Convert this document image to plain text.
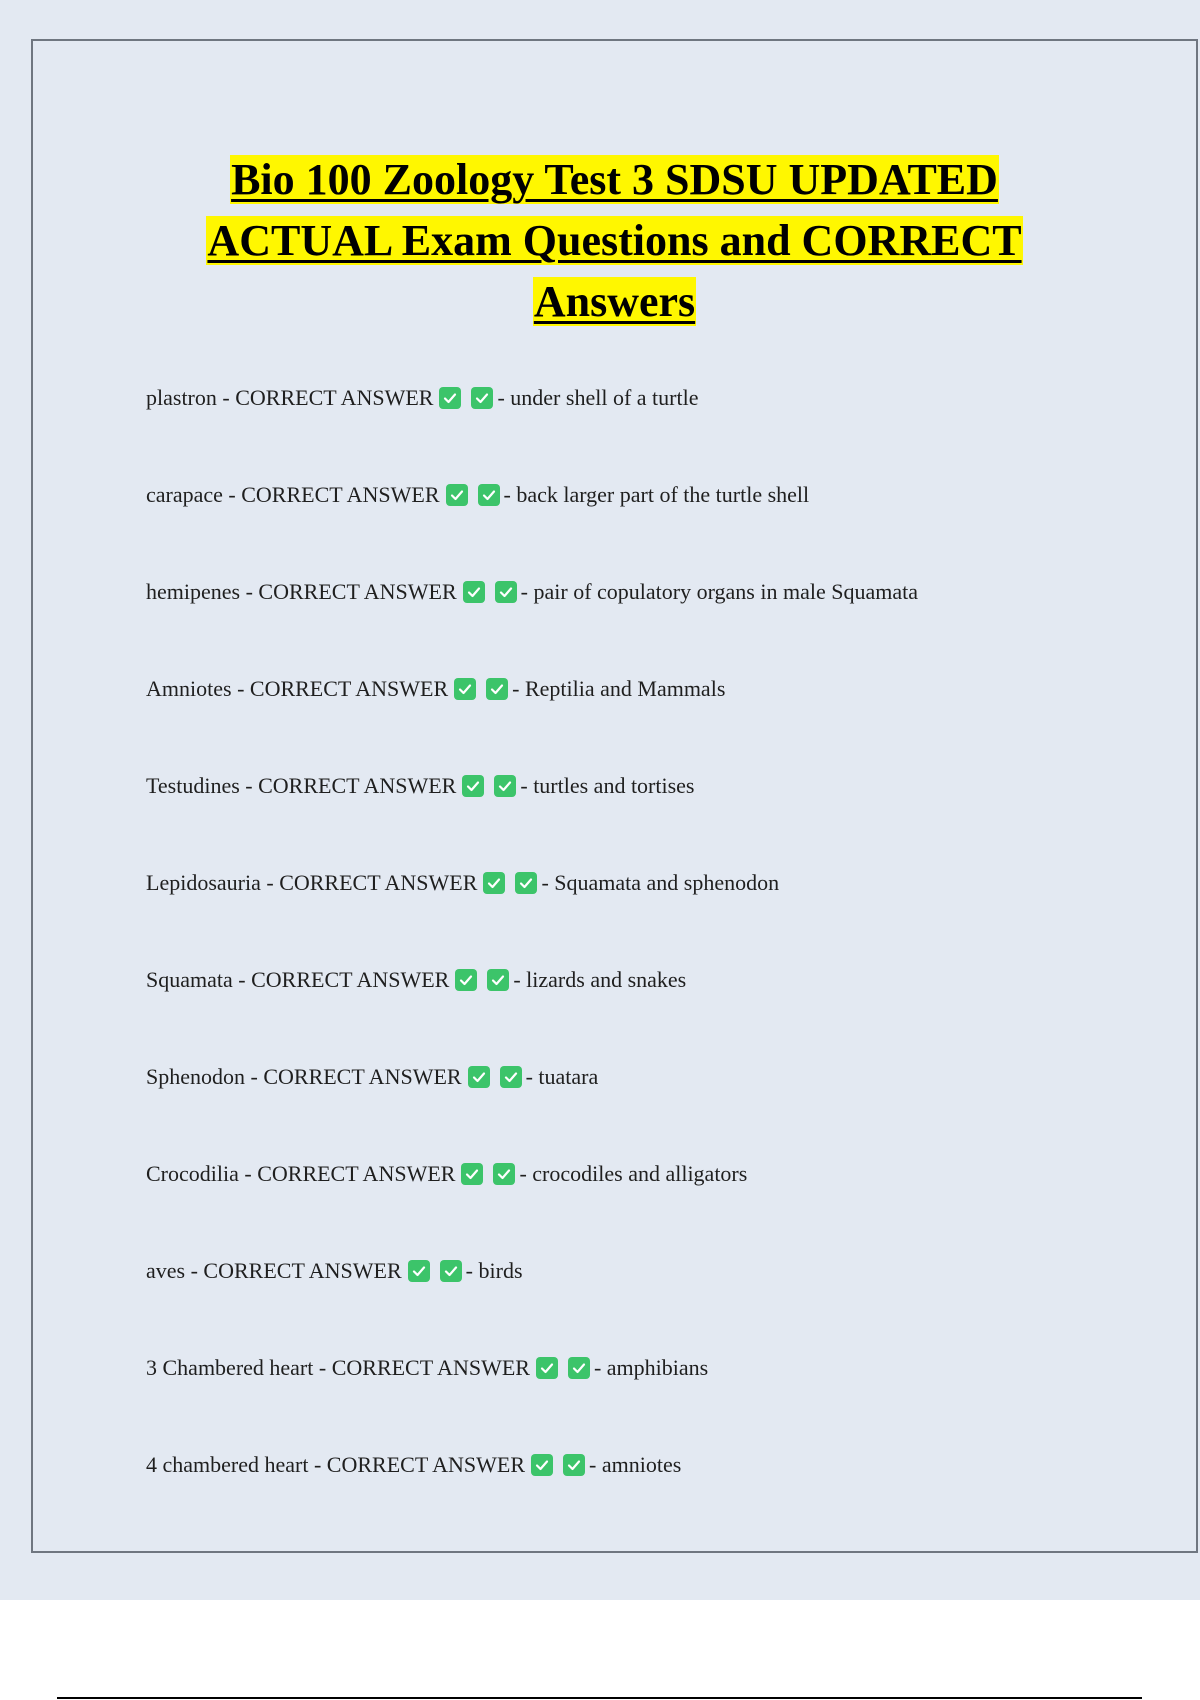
Bio 100 Zoology Test 3 SDSU UPDATED
ACTUAL Exam Questions and CORRECT
Answers
plastron - CORRECT ANSWER	- under shell of a turtle
carapace - CORRECT ANSWER	- back larger part of the turtle shell
hemipenes - CORRECT ANSWER	- pair of copulatory organs in male Squamata
Amniotes - CORRECT ANSWER	- Reptilia and Mammals
Testudines - CORRECT ANSWER	- turtles and tortises
Lepidosauria - CORRECT ANSWER	- Squamata and sphenodon
Squamata - CORRECT ANSWER	- lizards and snakes
Sphenodon - CORRECT ANSWER	- tuatara
Crocodilia - CORRECT ANSWER	- crocodiles and alligators
aves - CORRECT ANSWER	- birds
3 Chambered heart - CORRECT ANSWER	- amphibians
4 chambered heart - CORRECT ANSWER	- amniotes
